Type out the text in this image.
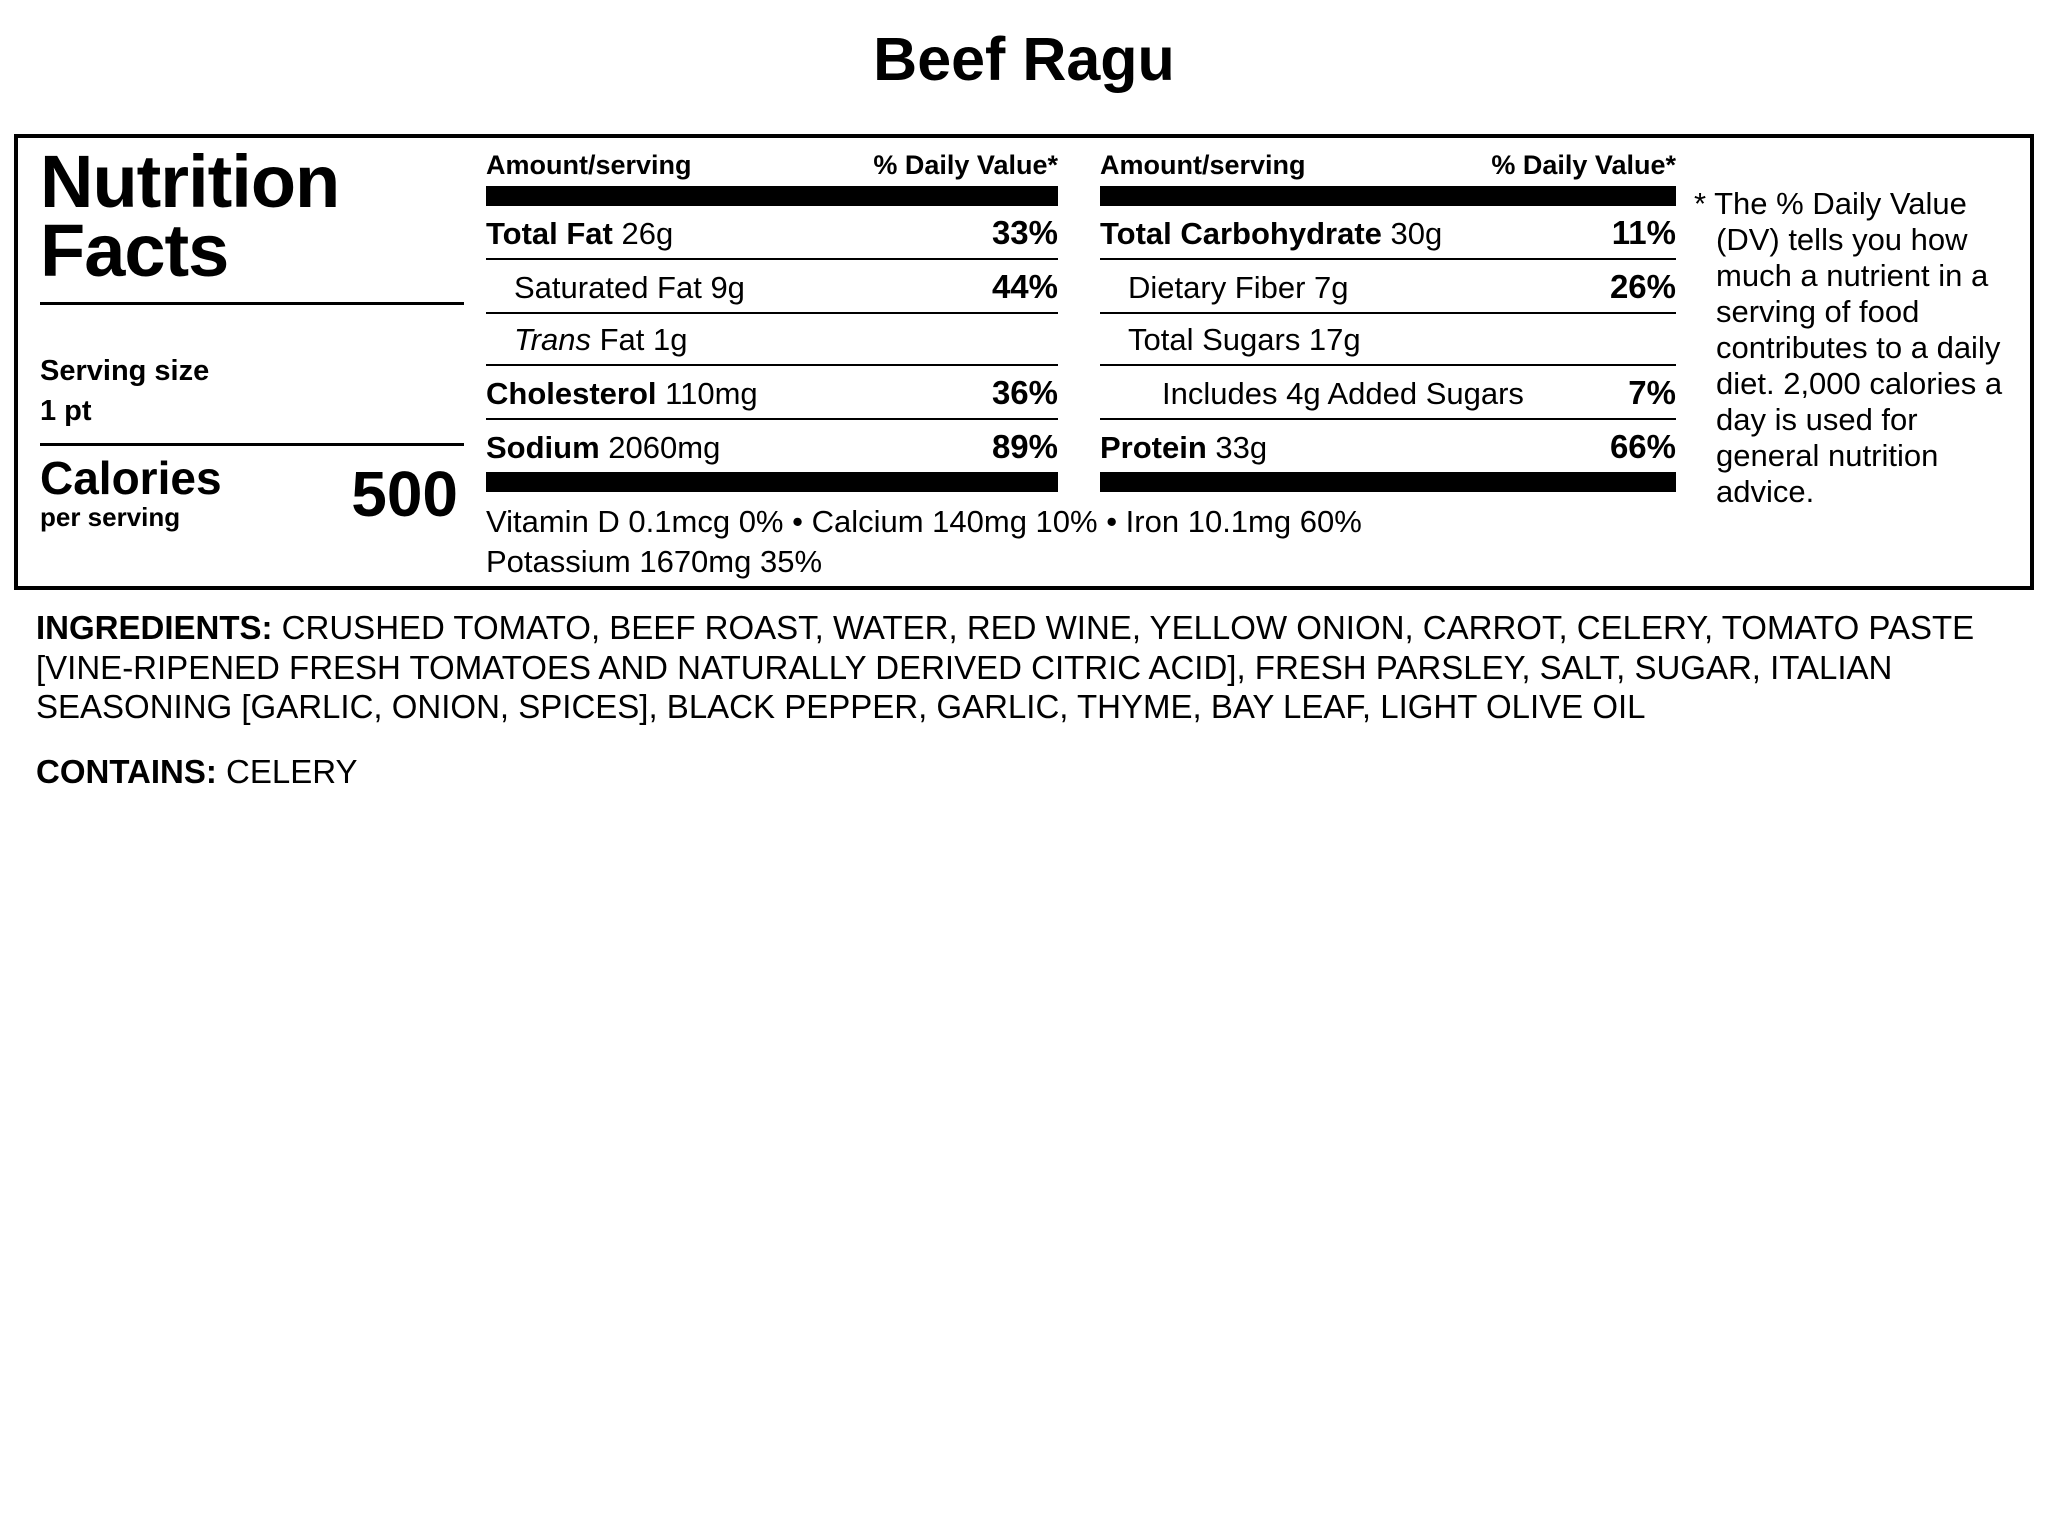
Beef Ragu
Nutrition Facts
Serving size
1 pt
Calories
per serving	500
Amount/serving	% Daily Value*
Total Fat 26g	33%
Saturated Fat 9g	44%
Trans Fat 1g
Cholesterol 110mg	36%
Sodium 2060mg	89%
Amount/serving	% Daily Value*
Total Carbohydrate 30g	11%
Dietary Fiber 7g	26%
Total Sugars 17g
Includes 4g Added Sugars	7%
Protein 33g	66%
Vitamin D 0.1mcg 0% • Calcium 140mg 10% • Iron 10.1mg 60%
Potassium 1670mg 35%
* The % Daily Value (DV) tells you how much a nutrient in a serving of food contributes to a daily diet. 2,000 calories a day is used for general nutrition advice.

INGREDIENTS: CRUSHED TOMATO, BEEF ROAST, WATER, RED WINE, YELLOW ONION, CARROT, CELERY, TOMATO PASTE [VINE-RIPENED FRESH TOMATOES AND NATURALLY DERIVED CITRIC ACID], FRESH PARSLEY, SALT, SUGAR, ITALIAN SEASONING [GARLIC, ONION, SPICES], BLACK PEPPER, GARLIC, THYME, BAY LEAF, LIGHT OLIVE OIL

CONTAINS: CELERY
